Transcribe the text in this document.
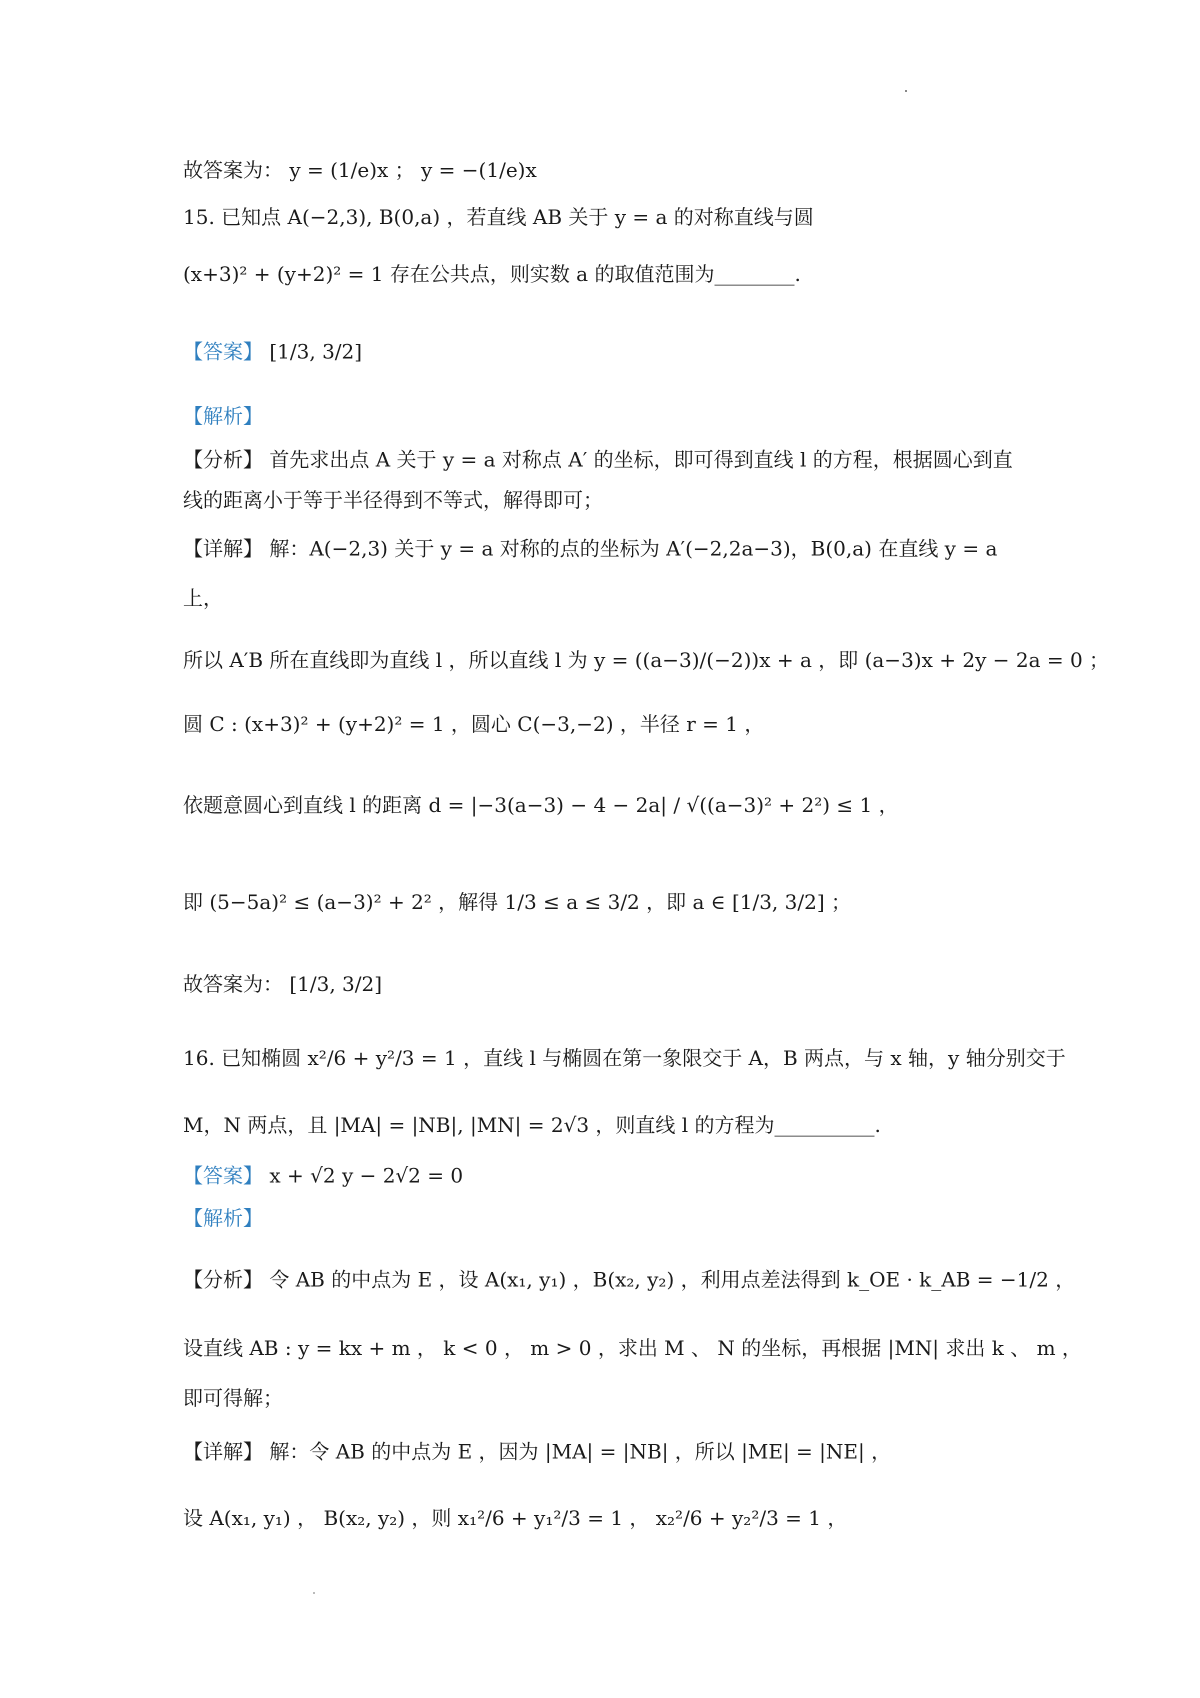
故答案为： y = (1/e)x ； y = −(1/e)x
15. 已知点 A(−2,3), B(0,a) ，若直线 AB 关于 y = a 的对称直线与圆
(x+3)² + (y+2)² = 1 存在公共点，则实数 a 的取值范围为________.
【答案】 [1/3, 3/2]
【解析】
【分析】 首先求出点 A 关于 y = a 对称点 A′ 的坐标，即可得到直线 l 的方程，根据圆心到直
线的距离小于等于半径得到不等式，解得即可；
【详解】 解：A(−2,3) 关于 y = a 对称的点的坐标为 A′(−2,2a−3)，B(0,a) 在直线 y = a
上，
所以 A′B 所在直线即为直线 l ，所以直线 l 为 y = ((a−3)/(−2))x + a ，即 (a−3)x + 2y − 2a = 0 ；
圆 C : (x+3)² + (y+2)² = 1 ，圆心 C(−3,−2) ，半径 r = 1 ，
依题意圆心到直线 l 的距离 d = |−3(a−3) − 4 − 2a| / √((a−3)² + 2²) ≤ 1 ，
即 (5−5a)² ≤ (a−3)² + 2² ，解得 1/3 ≤ a ≤ 3/2 ，即 a ∈ [1/3, 3/2] ；
故答案为： [1/3, 3/2]
16. 已知椭圆 x²/6 + y²/3 = 1 ，直线 l 与椭圆在第一象限交于 A，B 两点，与 x 轴，y 轴分别交于
M，N 两点，且 |MA| = |NB|, |MN| = 2√3 ，则直线 l 的方程为__________.
【答案】 x + √2 y − 2√2 = 0
【解析】
【分析】 令 AB 的中点为 E ，设 A(x₁, y₁) ，B(x₂, y₂) ，利用点差法得到 k_OE · k_AB = −1/2 ，
设直线 AB : y = kx + m ， k < 0 ， m > 0 ，求出 M 、 N 的坐标，再根据 |MN| 求出 k 、 m ，
即可得解；
【详解】 解：令 AB 的中点为 E ，因为 |MA| = |NB| ，所以 |ME| = |NE| ，
设 A(x₁, y₁) ， B(x₂, y₂) ，则 x₁²/6 + y₁²/3 = 1 ， x₂²/6 + y₂²/3 = 1 ，
